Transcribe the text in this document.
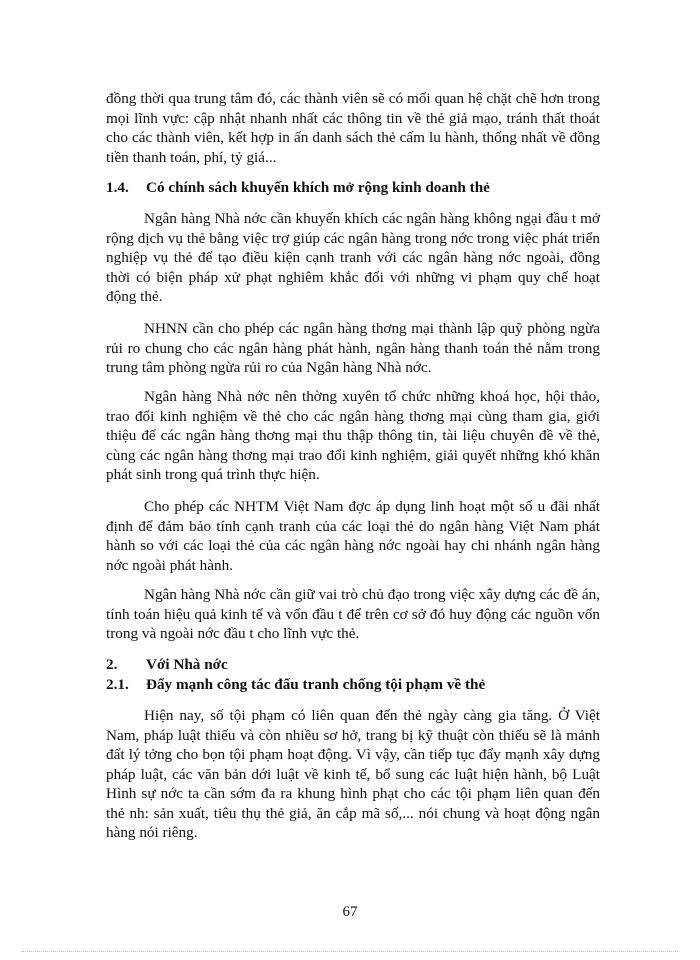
đồng thời qua trung tâm đó, các thành viên sẽ có mối quan hệ chặt chẽ hơn trong mọi lĩnh vực: cập nhật nhanh nhất các thông tin về thẻ giả mạo, tránh thất thoát cho các thành viên, kết hợp in ấn danh sách thẻ cấm lu hành, thống nhất về đồng tiền thanh toán, phí, tỷ giá...

1.4. Có chính sách khuyến khích mở rộng kinh doanh thẻ

Ngân hàng Nhà nớc cần khuyến khích các ngân hàng không ngại đầu t mở rộng dịch vụ thẻ bằng việc trợ giúp các ngân hàng trong nớc trong việc phát triển nghiệp vụ thẻ để tạo điều kiện cạnh tranh với các ngân hàng nớc ngoài, đồng thời có biện pháp xử phạt nghiêm khắc đối với những vi phạm quy chế hoạt động thẻ.

NHNN cần cho phép các ngân hàng thơng mại thành lập quỹ phòng ngừa rủi ro chung cho các ngân hàng phát hành, ngân hàng thanh toán thẻ nằm trong trung tâm phòng ngừa rủi ro của Ngân hàng Nhà nớc.

Ngân hàng Nhà nớc nên thờng xuyên tổ chức những khoá học, hội thảo, trao đổi kinh nghiệm về thẻ cho các ngân hàng thơng mại cùng tham gia, giới thiệu để các ngân hàng thơng mại thu thập thông tin, tài liệu chuyên đề về thẻ, cùng các ngân hàng thơng mại trao đổi kinh nghiệm, giải quyết những khó khăn phát sinh trong quá trình thực hiện.

Cho phép các NHTM Việt Nam đợc áp dụng linh hoạt một số u đãi nhất định để đảm bảo tính cạnh tranh của các loại thẻ do ngân hàng Việt Nam phát hành so với các loại thẻ của các ngân hàng nớc ngoài hay chi nhánh ngân hàng nớc ngoài phát hành.

Ngân hàng Nhà nớc cần giữ vai trò chủ đạo trong việc xây dựng các đề án, tính toán hiệu quả kinh tế và vốn đầu t để trên cơ sở đó huy động các nguồn vốn trong và ngoài nớc đầu t cho lĩnh vực thẻ.

2. Với Nhà nớc
2.1. Đẩy mạnh công tác đấu tranh chống tội phạm về thẻ

Hiện nay, số tội phạm có liên quan đến thẻ ngày càng gia tăng. Ở Việt Nam, pháp luật thiếu và còn nhiều sơ hở, trang bị kỹ thuật còn thiếu sẽ là mảnh đất lý tởng cho bọn tội phạm hoạt động. Vì vậy, cần tiếp tục đẩy mạnh xây dựng pháp luật, các văn bản dới luật về kinh tế, bổ sung các luật hiện hành, bộ Luật Hình sự nớc ta cần sớm đa ra khung hình phạt cho các tội phạm liên quan đến thẻ nh: sản xuất, tiêu thụ thẻ giả, ăn cắp mã số,... nói chung và hoạt động ngân hàng nói riêng.

67
